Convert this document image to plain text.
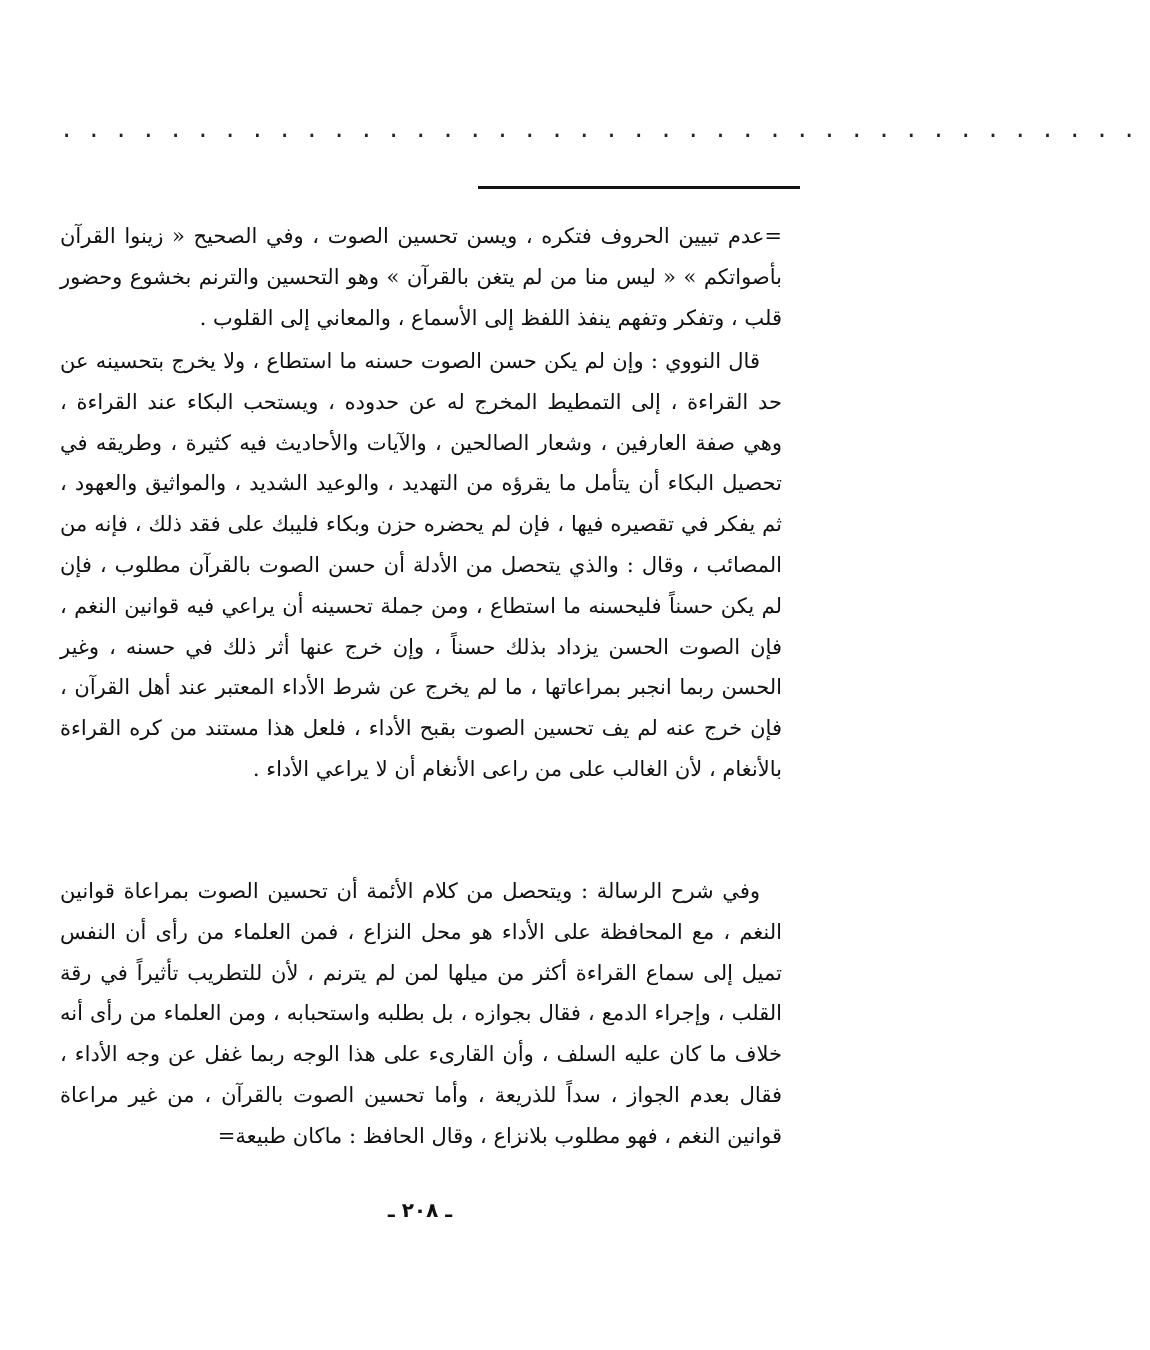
........................................

=عدم تبيين الحروف فتكره ، ويسن تحسين الصوت ، وفي الصحيح « زينوا القرآن بأصواتكم » « ليس منا من لم يتغن بالقرآن » وهو التحسين والترنم بخشوع وحضور قلب ، وتفكر وتفهم ينفذ اللفظ إلى الأسماع ، والمعاني إلى القلوب .

قال النووي : وإن لم يكن حسن الصوت حسنه ما استطاع ، ولا يخرج بتحسينه عن حد القراءة ، إلى التمطيط المخرج له عن حدوده ، ويستحب البكاء عند القراءة ، وهي صفة العارفين ، وشعار الصالحين ، والآيات والأحاديث فيه كثيرة ، وطريقه في تحصيل البكاء أن يتأمل ما يقرؤه من التهديد ، والوعيد الشديد ، والمواثيق والعهود ، ثم يفكر في تقصيره فيها ، فإن لم يحضره حزن وبكاء فليبك على فقد ذلك ، فإنه من المصائب ، وقال : والذي يتحصل من الأدلة أن حسن الصوت بالقرآن مطلوب ، فإن لم يكن حسناً فليحسنه ما استطاع ، ومن جملة تحسينه أن يراعي فيه قوانين النغم ، فإن الصوت الحسن يزداد بذلك حسناً ، وإن خرج عنها أثر ذلك في حسنه ، وغير الحسن ربما انجبر بمراعاتها ، ما لم يخرج عن شرط الأداء المعتبر عند أهل القرآن ، فإن خرج عنه لم يف تحسين الصوت بقبح الأداء ، فلعل هذا مستند من كره القراءة بالأنغام ، لأن الغالب على من راعى الأنغام أن لا يراعي الأداء .

وفي شرح الرسالة : ويتحصل من كلام الأئمة أن تحسين الصوت بمراعاة قوانين النغم ، مع المحافظة على الأداء هو محل النزاع ، فمن العلماء من رأى أن النفس تميل إلى سماع القراءة أكثر من ميلها لمن لم يترنم ، لأن للتطريب تأثيراً في رقة القلب ، وإجراء الدمع ، فقال بجوازه ، بل بطلبه واستحبابه ، ومن العلماء من رأى أنه خلاف ما كان عليه السلف ، وأن القارىء على هذا الوجه ربما غفل عن وجه الأداء ، فقال بعدم الجواز ، سداً للذريعة ، وأما تحسين الصوت بالقرآن ، من غير مراعاة قوانين النغم ، فهو مطلوب بلانزاع ، وقال الحافظ : ماكان طبيعة=

ـ ٢٠٨ ـ
